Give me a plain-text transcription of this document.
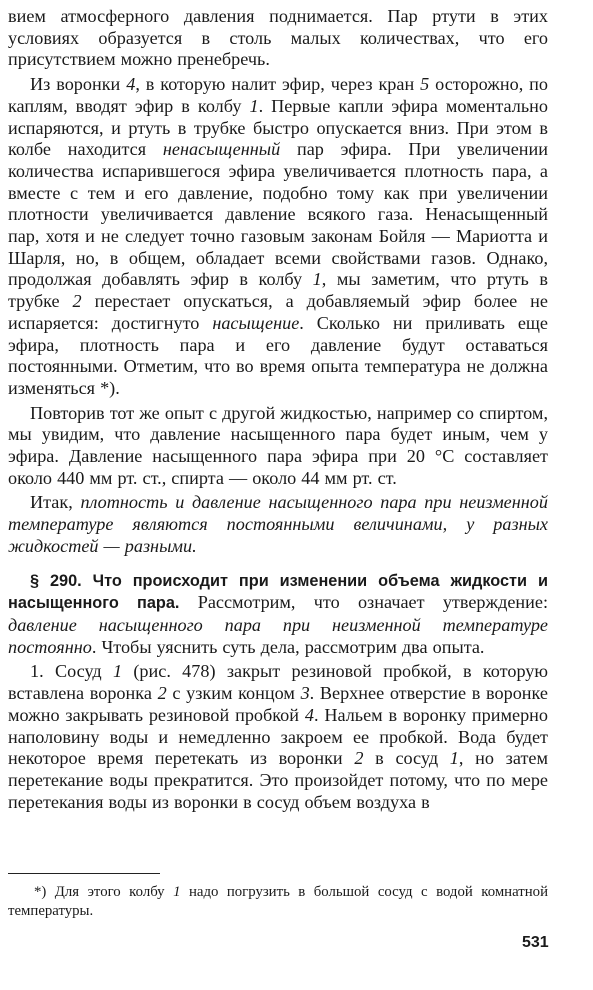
вием атмосферного давления поднимается. Пар ртути в этих условиях образуется в столь малых количествах, что его присутствием можно пренебречь.

Из воронки 4, в которую налит эфир, через кран 5 осторожно, по каплям, вводят эфир в колбу 1. Первые капли эфира моментально испаряются, и ртуть в трубке быстро опускается вниз. При этом в колбе находится ненасыщенный пар эфира. При увеличении количества испарившегося эфира увеличивается плотность пара, а вместе с тем и его давление, подобно тому как при увеличении плотности увеличивается давление всякого газа. Ненасыщенный пар, хотя и не следует точно газовым законам Бойля — Мариотта и Шарля, но, в общем, обладает всеми свойствами газов. Однако, продолжая добавлять эфир в колбу 1, мы заметим, что ртуть в трубке 2 перестает опускаться, а добавляемый эфир более не испаряется: достигнуто насыщение. Сколько ни приливать еще эфира, плотность пара и его давление будут оставаться постоянными. Отметим, что во время опыта температура не должна изменяться *).

Повторив тот же опыт с другой жидкостью, например со спиртом, мы увидим, что давление насыщенного пара будет иным, чем у эфира. Давление насыщенного пара эфира при 20 °С составляет около 440 мм рт. ст., спирта — около 44 мм рт. ст.

Итак, плотность и давление насыщенного пара при неизменной температуре являются постоянными величинами, у разных жидкостей — разными.

§ 290. Что происходит при изменении объема жидкости и насыщенного пара. Рассмотрим, что означает утверждение: давление насыщенного пара при неизменной температуре постоянно. Чтобы уяснить суть дела, рассмотрим два опыта.

1. Сосуд 1 (рис. 478) закрыт резиновой пробкой, в которую вставлена воронка 2 с узким концом 3. Верхнее отверстие в воронке можно закрывать резиновой пробкой 4. Нальем в воронку примерно наполовину воды и немедленно закроем ее пробкой. Вода будет некоторое время перетекать из воронки 2 в сосуд 1, но затем перетекание воды прекратится. Это произойдет потому, что по мере перетекания воды из воронки в сосуд объем воздуха в

*) Для этого колбу 1 надо погрузить в большой сосуд с водой комнатной температуры.

531
